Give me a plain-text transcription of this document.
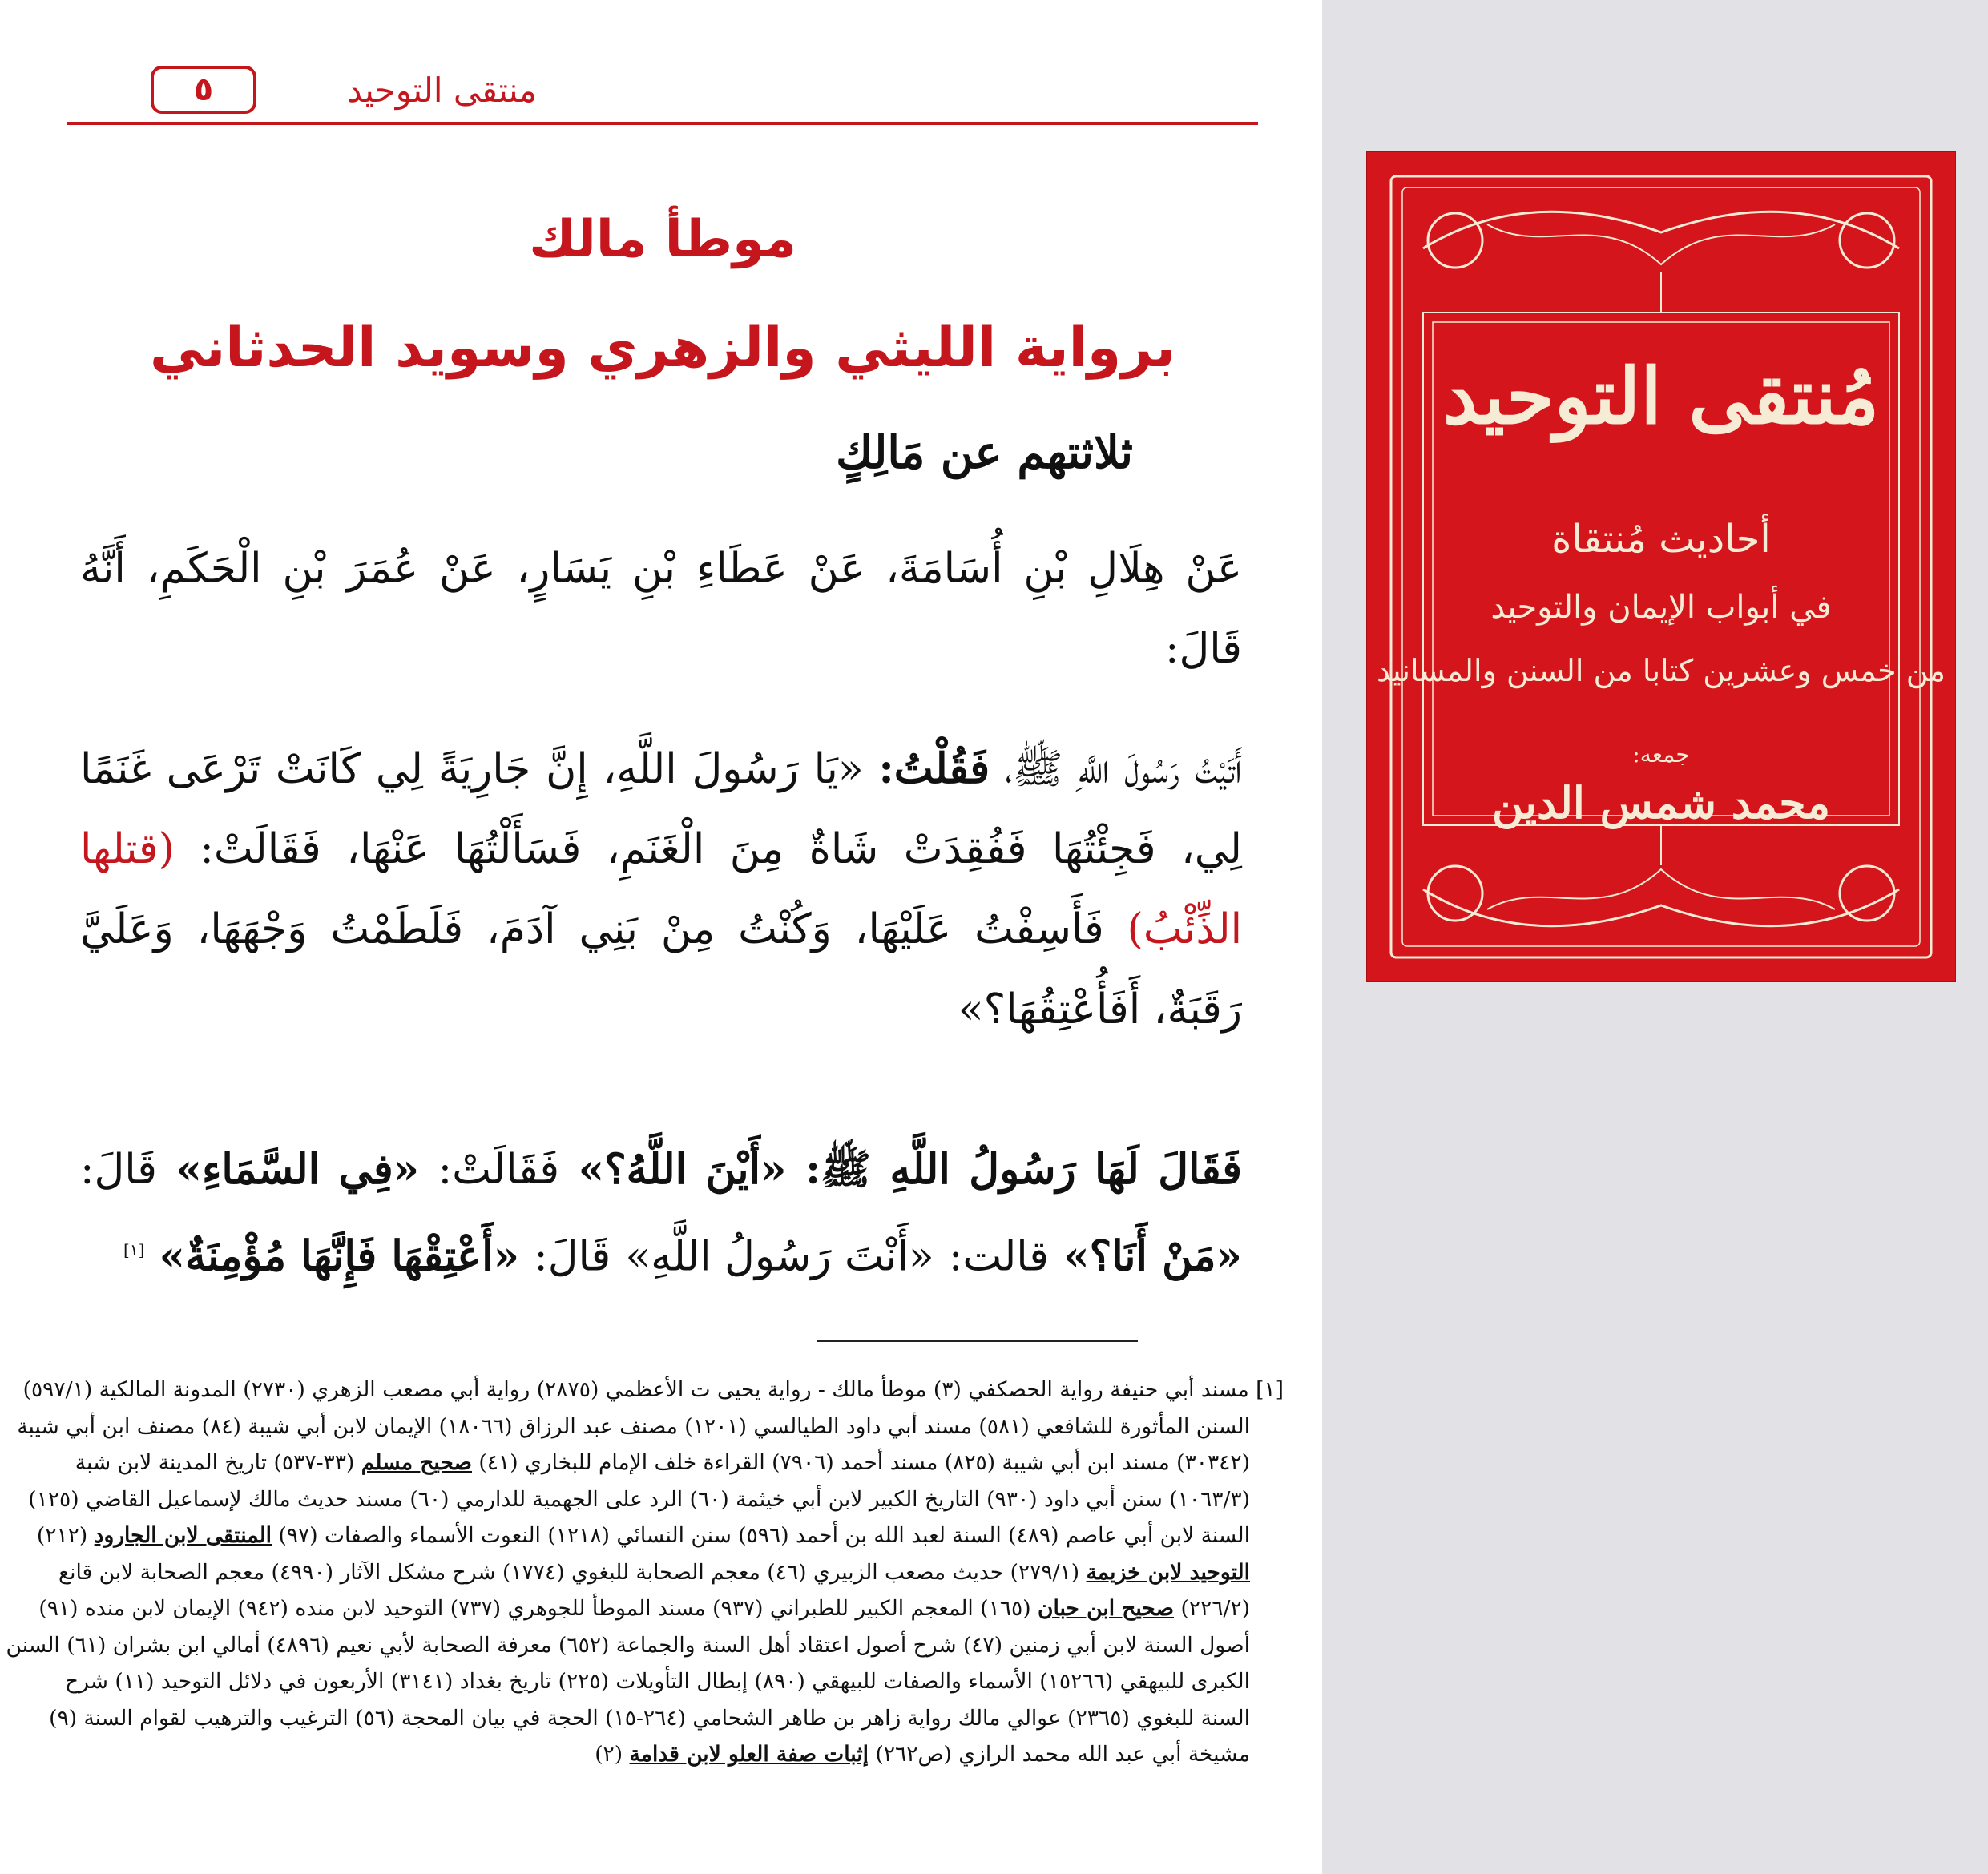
منتقى التوحيد
٥
موطأ مالك
برواية الليثي والزهري وسويد الحدثاني
ثلاثتهم عن مَالِكٍ
عَنْ هِلَالِ بْنِ أُسَامَةَ، عَنْ عَطَاءِ بْنِ يَسَارٍ، عَنْ عُمَرَ بْنِ الْحَكَمِ، أَنَّهُ قَالَ:
أَتَيْتُ رَسُولَ اللَّهِ ﷺ، فَقُلْتُ: «يَا رَسُولَ اللَّهِ، إِنَّ جَارِيَةً لِي كَانَتْ تَرْعَى غَنَمًا لِي، فَجِئْتُهَا فَفُقِدَتْ شَاةٌ مِنَ الْغَنَمِ، فَسَأَلْتُهَا عَنْهَا، فَقَالَتْ: (قتلها الذِّئْبُ) فَأَسِفْتُ عَلَيْهَا، وَكُنْتُ مِنْ بَنِي آدَمَ، فَلَطَمْتُ وَجْهَهَا، وَعَلَيَّ رَقَبَةٌ، أَفَأُعْتِقُهَا؟»
فَقَالَ لَهَا رَسُولُ اللَّهِ ﷺ: «أَيْنَ اللَّهُ؟» فَقَالَتْ: «فِي السَّمَاءِ» قَالَ: «مَنْ أَنَا؟» قالت: «أَنْتَ رَسُولُ اللَّهِ» قَالَ: «أَعْتِقْهَا فَإِنَّهَا مُؤْمِنَةٌ» [١]
[١] مسند أبي حنيفة رواية الحصكفي (٣) موطأ مالك - رواية يحيى ت الأعظمي (٢٨٧٥) رواية أبي مصعب الزهري (٢٧٣٠) المدونة المالكية (٥٩٧/١)
السنن المأثورة للشافعي (٥٨١) مسند أبي داود الطيالسي (١٢٠١) مصنف عبد الرزاق (١٨٠٦٦) الإيمان لابن أبي شيبة (٨٤) مصنف ابن أبي شيبة
(٣٠٣٤٢) مسند ابن أبي شيبة (٨٢٥) مسند أحمد (٧٩٠٦) القراءة خلف الإمام للبخاري (٤١) صحيح مسلم (٣٣-٥٣٧) تاريخ المدينة لابن شبة
(١٠٦٣/٣) سنن أبي داود (٩٣٠) التاريخ الكبير لابن أبي خيثمة (٦٠) الرد على الجهمية للدارمي (٦٠) مسند حديث مالك لإسماعيل القاضي (١٢٥)
السنة لابن أبي عاصم (٤٨٩) السنة لعبد الله بن أحمد (٥٩٦) سنن النسائي (١٢١٨) النعوت الأسماء والصفات (٩٧) المنتقى لابن الجارود (٢١٢)
التوحيد لابن خزيمة (٢٧٩/١) حديث مصعب الزبيري (٤٦) معجم الصحابة للبغوي (١٧٧٤) شرح مشكل الآثار (٤٩٩٠) معجم الصحابة لابن قانع
(٢٢٦/٢) صحيح ابن حبان (١٦٥) المعجم الكبير للطبراني (٩٣٧) مسند الموطأ للجوهري (٧٣٧) التوحيد لابن منده (٩٤٢) الإيمان لابن منده (٩١)
أصول السنة لابن أبي زمنين (٤٧) شرح أصول اعتقاد أهل السنة والجماعة (٦٥٢) معرفة الصحابة لأبي نعيم (٤٨٩٦) أمالي ابن بشران (٦١) السنن
الكبرى للبيهقي (١٥٢٦٦) الأسماء والصفات للبيهقي (٨٩٠) إبطال التأويلات (٢٢٥) تاريخ بغداد (٣١٤١) الأربعون في دلائل التوحيد (١١) شرح
السنة للبغوي (٢٣٦٥) عوالي مالك رواية زاهر بن طاهر الشحامي (٢٦٤-١٥) الحجة في بيان المحجة (٥٦) الترغيب والترهيب لقوام السنة (٩)
مشيخة أبي عبد الله محمد الرازي (ص٢٦٢) إثبات صفة العلو لابن قدامة (٢)
مُنتقى التوحيد
أحاديث مُنتقاة
في أبواب الإيمان والتوحيد
من خمس وعشرين كتابا من السنن والمسانيد
جمعه:
محمد شمس الدين
